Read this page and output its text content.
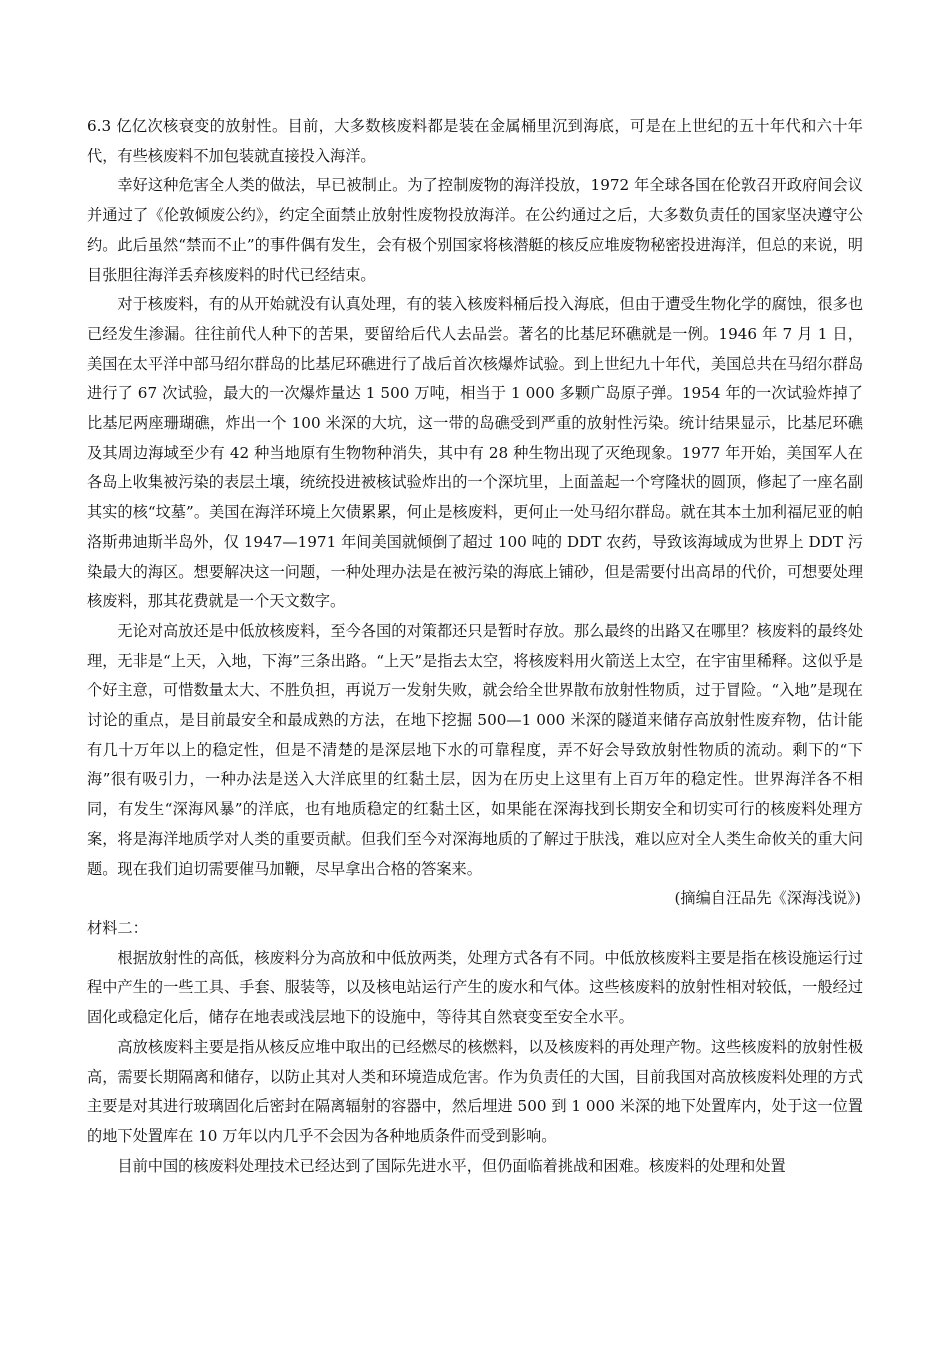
6.3 亿亿次核衰变的放射性。目前，大多数核废料都是装在金属桶里沉到海底，可是在上世纪的五十年代和六十年代，有些核废料不加包装就直接投入海洋。

幸好这种危害全人类的做法，早已被制止。为了控制废物的海洋投放，1972 年全球各国在伦敦召开政府间会议并通过了《伦敦倾废公约》，约定全面禁止放射性废物投放海洋。在公约通过之后，大多数负责任的国家坚决遵守公约。此后虽然“禁而不止”的事件偶有发生，会有极个别国家将核潜艇的核反应堆废物秘密投进海洋，但总的来说，明目张胆往海洋丢弃核废料的时代已经结束。

对于核废料，有的从开始就没有认真处理，有的装入核废料桶后投入海底，但由于遭受生物化学的腐蚀，很多也已经发生渗漏。往往前代人种下的苦果，要留给后代人去品尝。著名的比基尼环礁就是一例。1946 年 7 月 1 日，美国在太平洋中部马绍尔群岛的比基尼环礁进行了战后首次核爆炸试验。到上世纪九十年代，美国总共在马绍尔群岛进行了 67 次试验，最大的一次爆炸量达 1 500 万吨，相当于 1 000 多颗广岛原子弹。1954 年的一次试验炸掉了比基尼两座珊瑚礁，炸出一个 100 米深的大坑，这一带的岛礁受到严重的放射性污染。统计结果显示，比基尼环礁及其周边海域至少有 42 种当地原有生物物种消失，其中有 28 种生物出现了灭绝现象。1977 年开始，美国军人在各岛上收集被污染的表层土壤，统统投进被核试验炸出的一个深坑里，上面盖起一个穹隆状的圆顶，修起了一座名副其实的核“坟墓”。美国在海洋环境上欠债累累，何止是核废料，更何止一处马绍尔群岛。就在其本土加利福尼亚的帕洛斯弗迪斯半岛外，仅 1947—1971 年间美国就倾倒了超过 100 吨的 DDT 农药，导致该海域成为世界上 DDT 污染最大的海区。想要解决这一问题，一种处理办法是在被污染的海底上铺砂，但是需要付出高昂的代价，可想要处理核废料，那其花费就是一个天文数字。

无论对高放还是中低放核废料，至今各国的对策都还只是暂时存放。那么最终的出路又在哪里？核废料的最终处理，无非是“上天，入地，下海”三条出路。“上天”是指去太空，将核废料用火箭送上太空，在宇宙里稀释。这似乎是个好主意，可惜数量太大、不胜负担，再说万一发射失败，就会给全世界散布放射性物质，过于冒险。“入地”是现在讨论的重点，是目前最安全和最成熟的方法，在地下挖掘 500—1 000 米深的隧道来储存高放射性废弃物，估计能有几十万年以上的稳定性，但是不清楚的是深层地下水的可靠程度，弄不好会导致放射性物质的流动。剩下的“下海”很有吸引力，一种办法是送入大洋底里的红黏土层，因为在历史上这里有上百万年的稳定性。世界海洋各不相同，有发生“深海风暴”的洋底，也有地质稳定的红黏土区，如果能在深海找到长期安全和切实可行的核废料处理方案，将是海洋地质学对人类的重要贡献。但我们至今对深海地质的了解过于肤浅，难以应对全人类生命攸关的重大问题。现在我们迫切需要催马加鞭，尽早拿出合格的答案来。

(摘编自汪品先《深海浅说》)

材料二：

根据放射性的高低，核废料分为高放和中低放两类，处理方式各有不同。中低放核废料主要是指在核设施运行过程中产生的一些工具、手套、服装等，以及核电站运行产生的废水和气体。这些核废料的放射性相对较低，一般经过固化或稳定化后，储存在地表或浅层地下的设施中，等待其自然衰变至安全水平。

高放核废料主要是指从核反应堆中取出的已经燃尽的核燃料，以及核废料的再处理产物。这些核废料的放射性极高，需要长期隔离和储存，以防止其对人类和环境造成危害。作为负责任的大国，目前我国对高放核废料处理的方式主要是对其进行玻璃固化后密封在隔离辐射的容器中，然后埋进 500 到 1 000 米深的地下处置库内，处于这一位置的地下处置库在 10 万年以内几乎不会因为各种地质条件而受到影响。

目前中国的核废料处理技术已经达到了国际先进水平，但仍面临着挑战和困难。核废料的处理和处置
